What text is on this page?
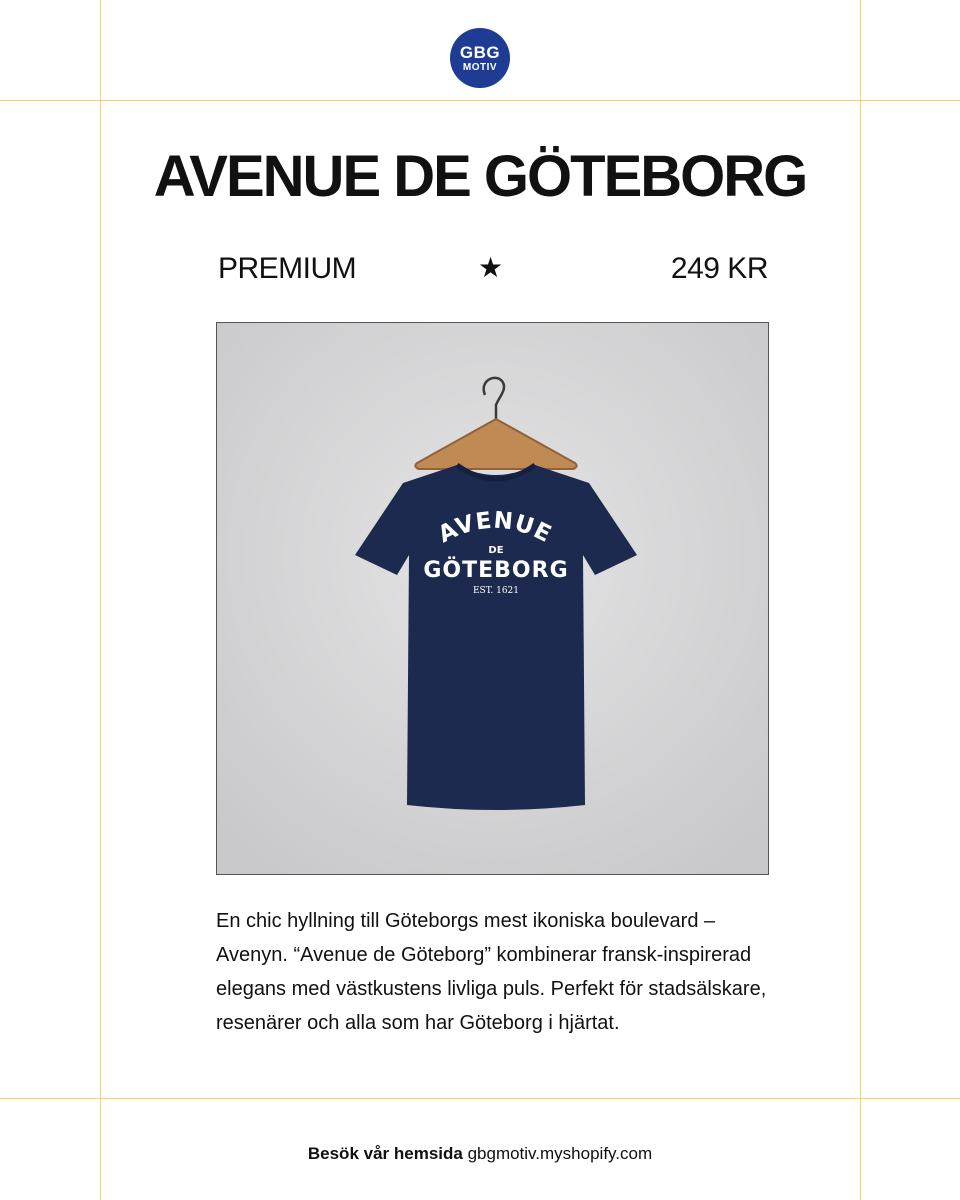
GBG
MOTIV
AVENUE DE GÖTEBORG
PREMIUM	★	249 KR
AVENUE
DE
GÖTEBORG
EST. 1621

En chic hyllning till Göteborgs mest ikoniska boulevard – Avenyn. “Avenue de Göteborg” kombinerar fransk-inspirerad elegans med västkustens livliga puls. Perfekt för stadsälskare, resenärer och alla som har Göteborg i hjärtat.

Besök vår hemsida gbgmotiv.myshopify.com
